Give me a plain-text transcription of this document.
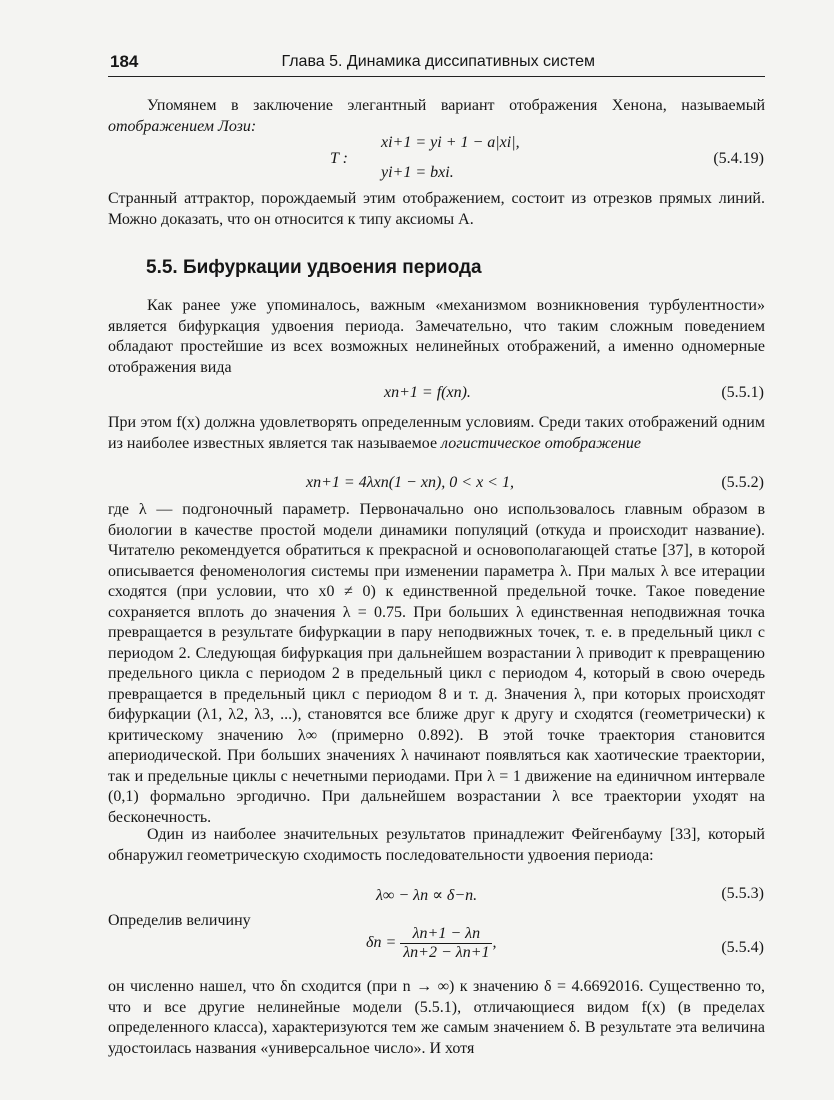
184	Глава 5. Динамика диссипативных систем
Упомянем в заключение элегантный вариант отображения Хенона, называемый отображением Лози:
T :
xi+1 = yi + 1 − a|xi|,
yi+1 = bxi.
(5.4.19)
Странный аттрактор, порождаемый этим отображением, состоит из отрезков прямых линий. Можно доказать, что он относится к типу аксиомы А.
5.5. Бифуркации удвоения периода
Как ранее уже упоминалось, важным «механизмом возникновения турбулентности» является бифуркация удвоения периода. Замечательно, что таким сложным поведением обладают простейшие из всех возможных нелинейных отображений, а именно одномерные отображения вида
xn+1 = f(xn).	(5.5.1)
При этом f(x) должна удовлетворять определенным условиям. Среди таких отображений одним из наиболее известных является так называемое логистическое отображение
xn+1 = 4λxn(1 − xn), 0 < x < 1,	(5.5.2)
где λ — подгоночный параметр. Первоначально оно использовалось главным образом в биологии в качестве простой модели динамики популяций (откуда и происходит название). Читателю рекомендуется обратиться к прекрасной и основополагающей статье [37], в которой описывается феноменология системы при изменении параметра λ. При малых λ все итерации сходятся (при условии, что x0 ≠ 0) к единственной предельной точке. Такое поведение сохраняется вплоть до значения λ = 0.75. При больших λ единственная неподвижная точка превращается в результате бифуркации в пару неподвижных точек, т. е. в предельный цикл с периодом 2. Следующая бифуркация при дальнейшем возрастании λ приводит к превращению предельного цикла с периодом 2 в предельный цикл с периодом 4, который в свою очередь превращается в предельный цикл с периодом 8 и т. д. Значения λ, при которых происходят бифуркации (λ1, λ2, λ3, ...), становятся все ближе друг к другу и сходятся (геометрически) к критическому значению λ∞ (примерно 0.892). В этой точке траектория становится апериодической. При больших значениях λ начинают появляться как хаотические траектории, так и предельные циклы с нечетными периодами. При λ = 1 движение на единичном интервале (0,1) формально эргодично. При дальнейшем возрастании λ все траектории уходят на бесконечность.
Один из наиболее значительных результатов принадлежит Фейгенбауму [33], который обнаружил геометрическую сходимость последовательности удвоения периода:
λ∞ − λn ∝ δ−n.	(5.5.3)
Определив величину
$\delta n = \frac{\lambda n+1 - \lambda n}{\lambda n+2 - \lambda n+1}$ ,	(5.5.4)
он численно нашел, что δn сходится (при n → ∞) к значению δ = 4.6692016. Существенно то, что и все другие нелинейные модели (5.5.1), отличающиеся видом f(x) (в пределах определенного класса), характеризуются тем же самым значением δ. В результате эта величина удостоилась названия «универсальное число». И хотя
